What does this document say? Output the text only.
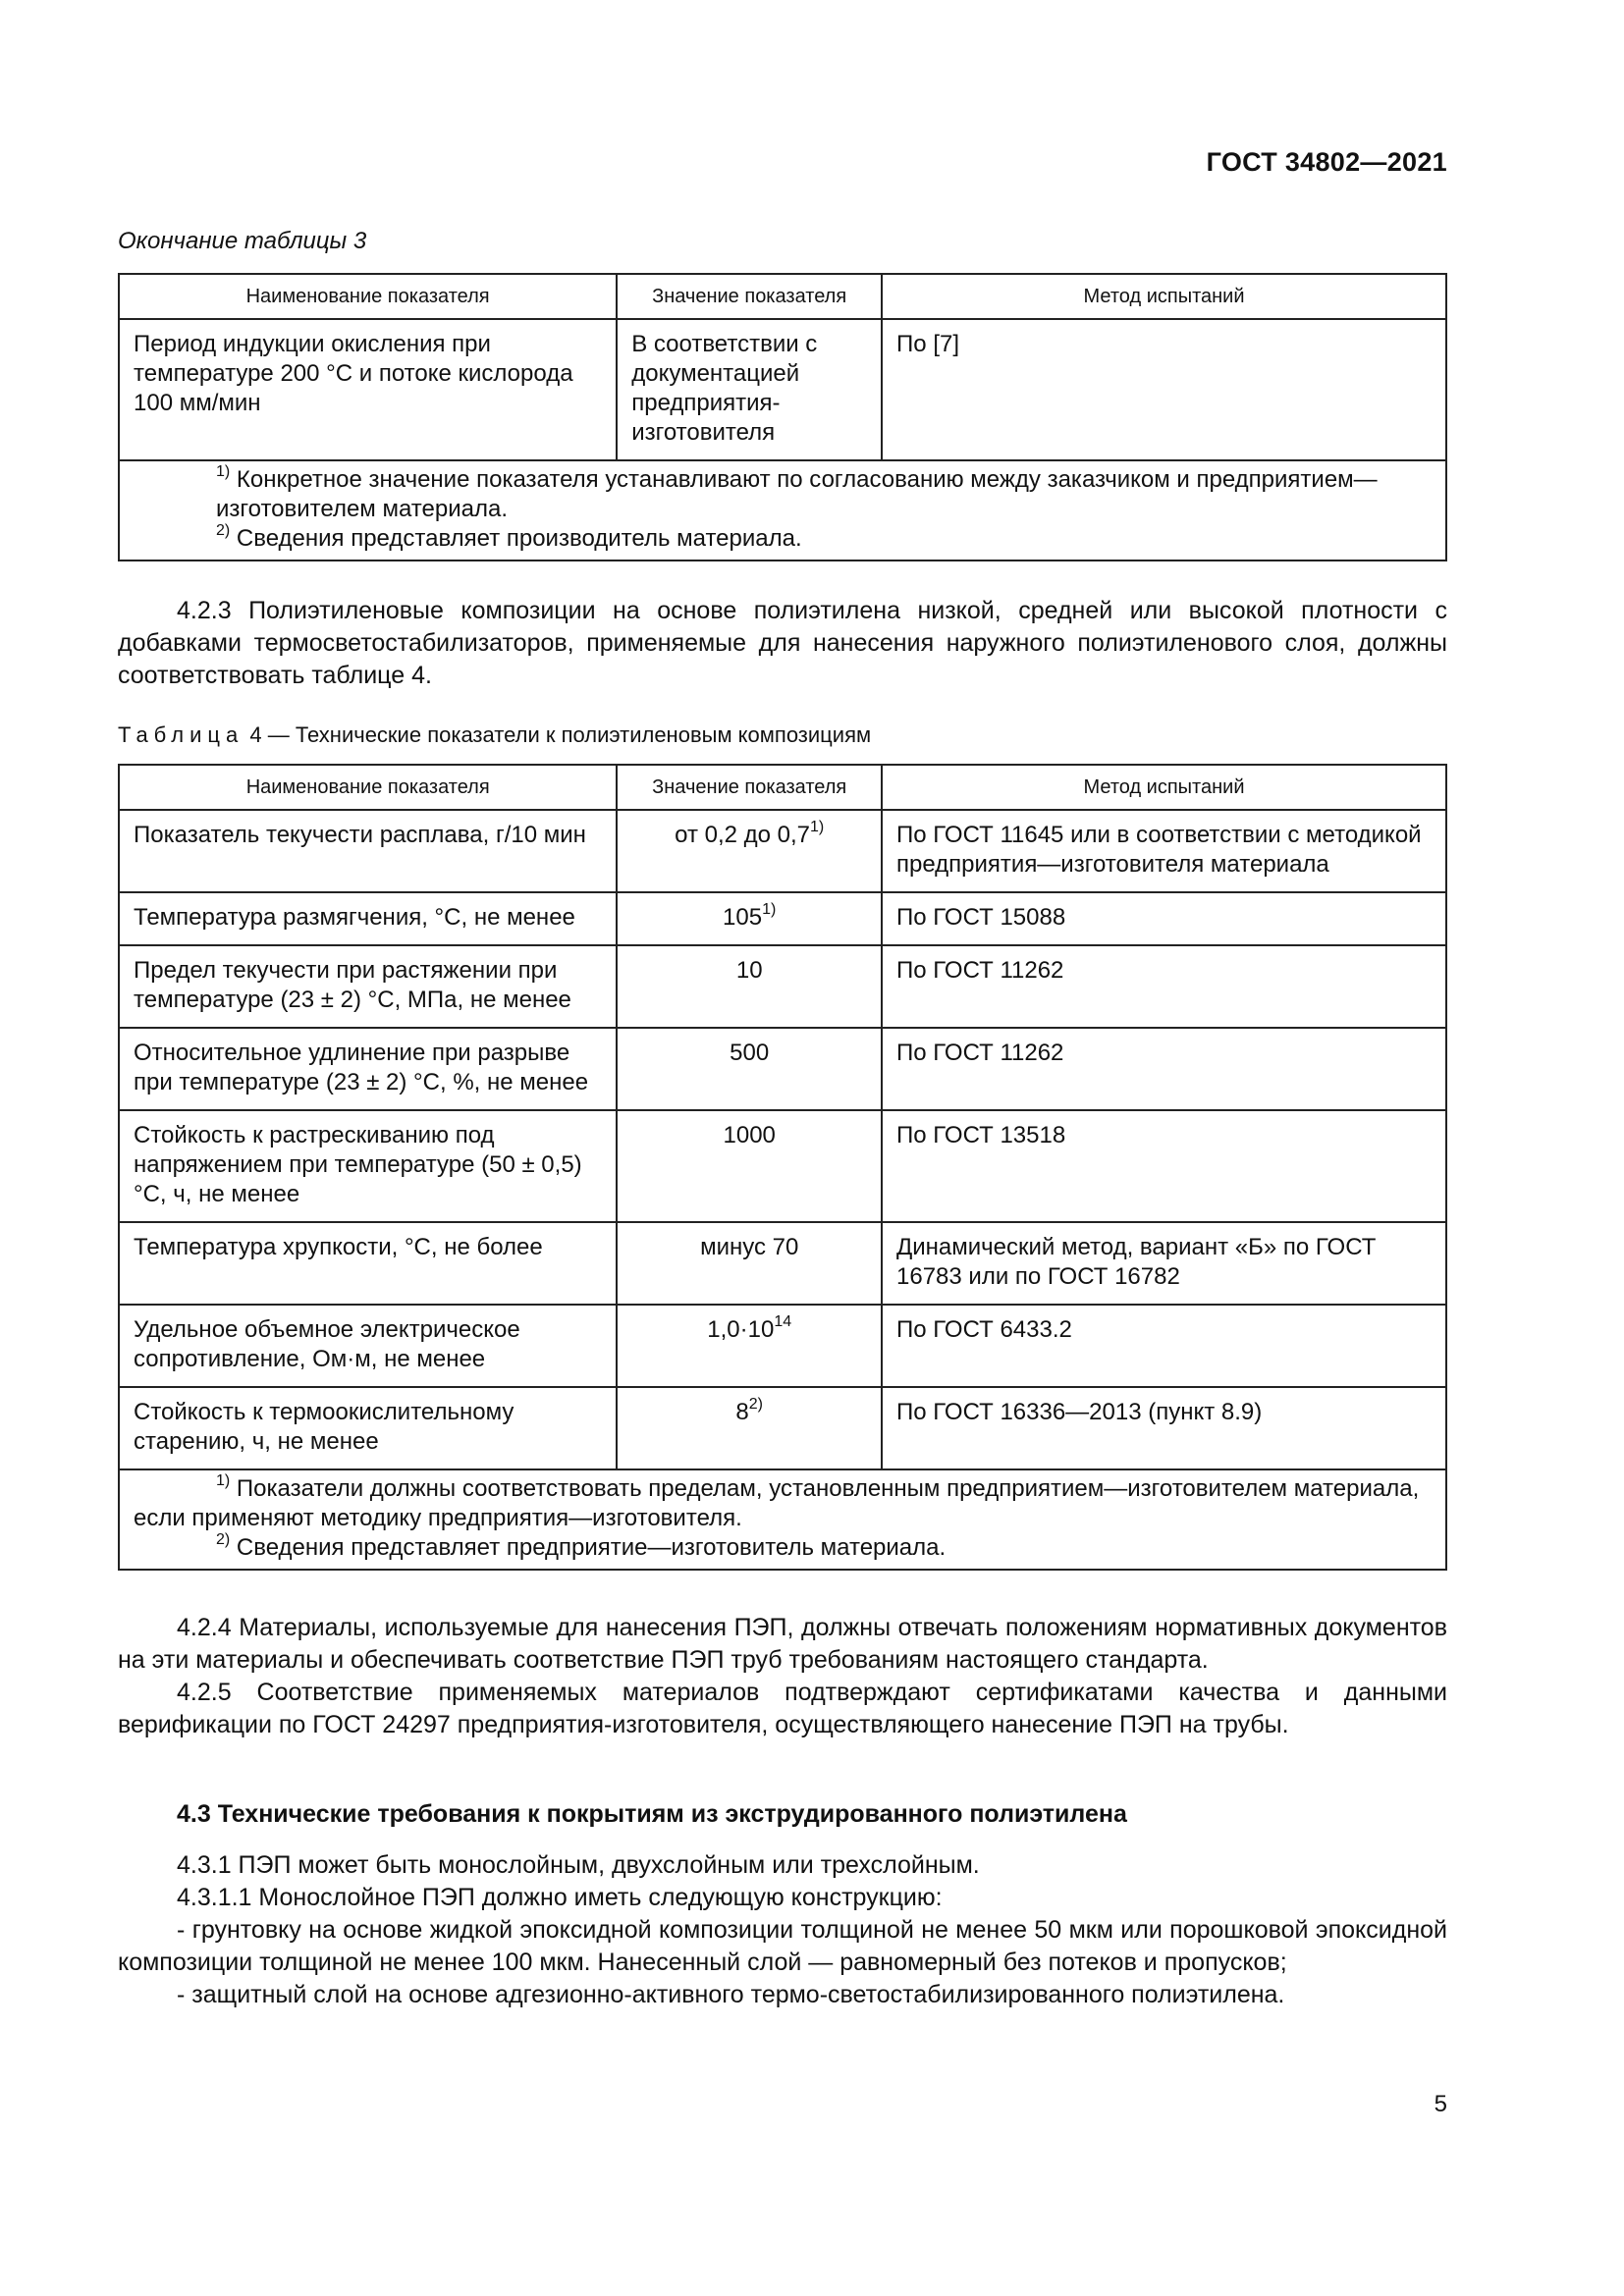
ГОСТ 34802—2021
Окончание таблицы 3
Наименование показателя	Значение показателя	Метод испытаний
Период индукции окисления при температуре 200 °C и потоке кислорода 100 мм/мин	В соответствии с документацией предприятия-изготовителя	По [7]

$^{1)}$ Конкретное значение показателя устанавливают по согласованию между заказчиком и предприятием—изготовителем материала.
$^{2)}$ Сведения представляет производитель материала.		

4.2.3 Полиэтиленовые композиции на основе полиэтилена низкой, средней или высокой плотности с добавками термосветостабилизаторов, применяемые для нанесения наружного полиэтиленового слоя, должны соответствовать таблице 4.

Таблица 4 — Технические показатели к полиэтиленовым композициям
Наименование показателя	Значение показателя	Метод испытаний
Показатель текучести расплава, г/10 мин	от 0,2 до 0,7$^{1)}$	По ГОСТ 11645 или в соответствии с методикой предприятия—изготовителя материала
Температура размягчения, °C, не менее	105$^{1)}$	По ГОСТ 15088
Предел текучести при растяжении при температуре (23 ± 2) °C, МПа, не менее	10	По ГОСТ 11262
Относительное удлинение при разрыве при температуре (23 ± 2) °C, %, не менее	500	По ГОСТ 11262
Стойкость к растрескиванию под напряжением при температуре (50 ± 0,5) °C, ч, не менее	1000	По ГОСТ 13518
Температура хрупкости, °C, не более	минус 70	Динамический метод, вариант «Б» по ГОСТ 16783 или по ГОСТ 16782
Удельное объемное электрическое сопротивление, Ом·м, не менее	$1,0\cdot 10^{14}$	По ГОСТ 6433.2
Стойкость к термоокислительному старению, ч, не менее	8$^{2)}$	По ГОСТ 16336—2013 (пункт 8.9)

$^{1)}$ Показатели должны соответствовать пределам, установленным предприятием—изготовителем материала, если применяют методику предприятия—изготовителя.
$^{2)}$ Сведения представляет предприятие—изготовитель материала.		

4.2.4 Материалы, используемые для нанесения ПЭП, должны отвечать положениям нормативных документов на эти материалы и обеспечивать соответствие ПЭП труб требованиям настоящего стандарта.

4.2.5 Соответствие применяемых материалов подтверждают сертификатами качества и данными верификации по ГОСТ 24297 предприятия-изготовителя, осуществляющего нанесение ПЭП на трубы.

4.3 Технические требования к покрытиям из экструдированного полиэтилена

4.3.1 ПЭП может быть монослойным, двухслойным или трехслойным.

4.3.1.1 Монослойное ПЭП должно иметь следующую конструкцию:

- грунтовку на основе жидкой эпоксидной композиции толщиной не менее 50 мкм или порошковой эпоксидной композиции толщиной не менее 100 мкм. Нанесенный слой — равномерный без потеков и пропусков;

- защитный слой на основе адгезионно-активного термо-светостабилизированного полиэтилена.

5
